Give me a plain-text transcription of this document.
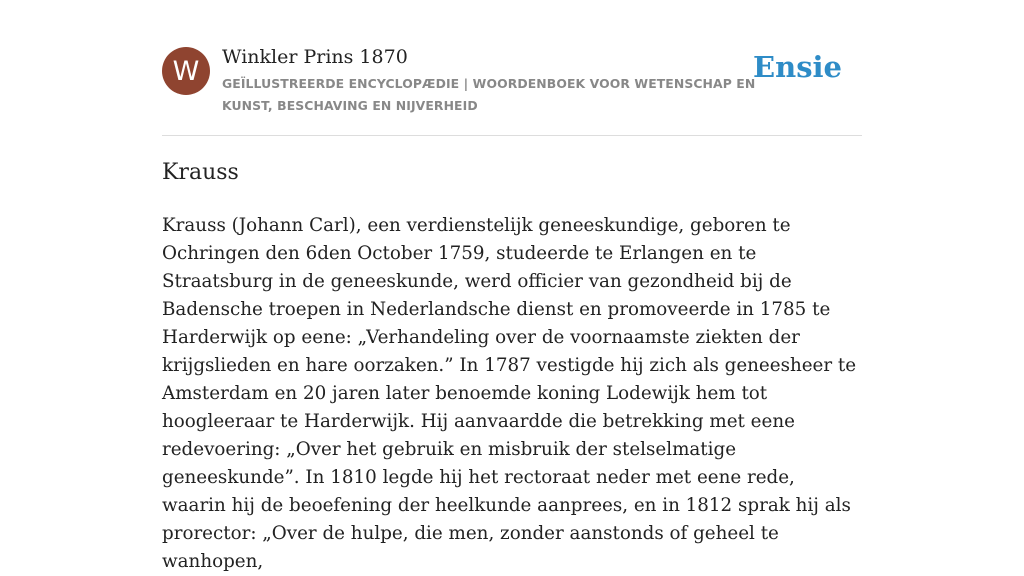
W	Winkler Prins 1870
GEÏLLUSTREERDE ENCYCLOPÆDIE | WOORDENBOEK VOOR WETENSCHAP EN KUNST, BESCHAVING EN NIJVERHEID
Ensie
Krauss

Krauss (Johann Carl), een verdienstelijk geneeskundige, geboren te Ochringen den 6den October 1759, studeerde te Erlangen en te Straatsburg in de geneeskunde, werd officier van gezondheid bij de Badensche troepen in Nederlandsche dienst en promoveerde in 1785 te Harderwijk op eene: „Verhandeling over de voornaamste ziekten der krijgslieden en hare oorzaken.” In 1787 vestigde hij zich als geneesheer te Amsterdam en 20 jaren later benoemde koning Lodewijk hem tot hoogleeraar te Harderwijk. Hij aanvaardde die betrekking met eene redevoering: „Over het gebruik en misbruik der stelselmatige geneeskunde”. In 1810 legde hij het rectoraat neder met eene rede, waarin hij de beoefening der heelkunde aanprees, en in 1812 sprak hij als prorector: „Over de hulpe, die men, zonder aanstonds of geheel te wanhopen,
